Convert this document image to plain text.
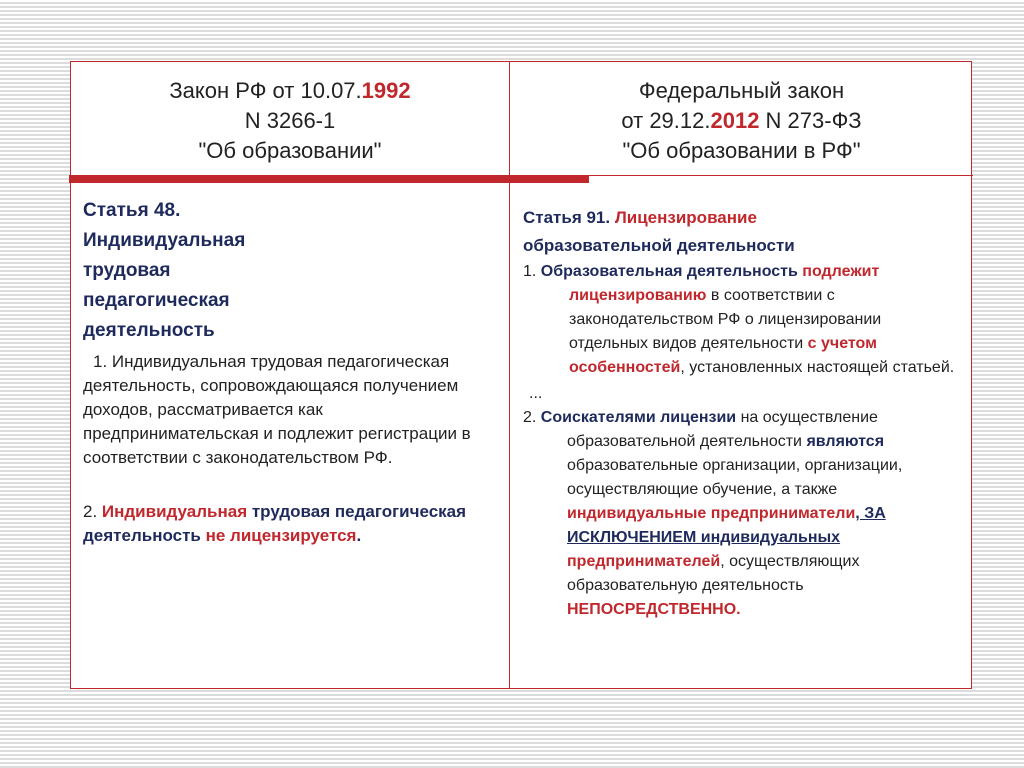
Закон РФ от 10.07.1992
N 3266-1
"Об образовании"
Федеральный закон
от 29.12.2012 N 273-ФЗ
"Об образовании в РФ"
Статья 48.
Индивидуальная
трудовая
педагогическая
деятельность
1. Индивидуальная трудовая педагогическая деятельность, сопровождающаяся получением доходов, рассматривается как предпринимательская и подлежит регистрации в соответствии с законодательством РФ.
2. Индивидуальная трудовая педагогическая деятельность не лицензируется.
Статья 91. Лицензирование
образовательной деятельности
1. Образовательная деятельность подлежит лицензированию в соответствии с законодательством РФ о лицензировании отдельных видов деятельности с учетом особенностей, установленных настоящей статьей.
...
2. Соискателями лицензии на осуществление образовательной деятельности являются образовательные организации, организации, осуществляющие обучение, а также индивидуальные предприниматели, ЗА ИСКЛЮЧЕНИЕМ индивидуальных предпринимателей, осуществляющих образовательную деятельность НЕПОСРЕДСТВЕННО.
